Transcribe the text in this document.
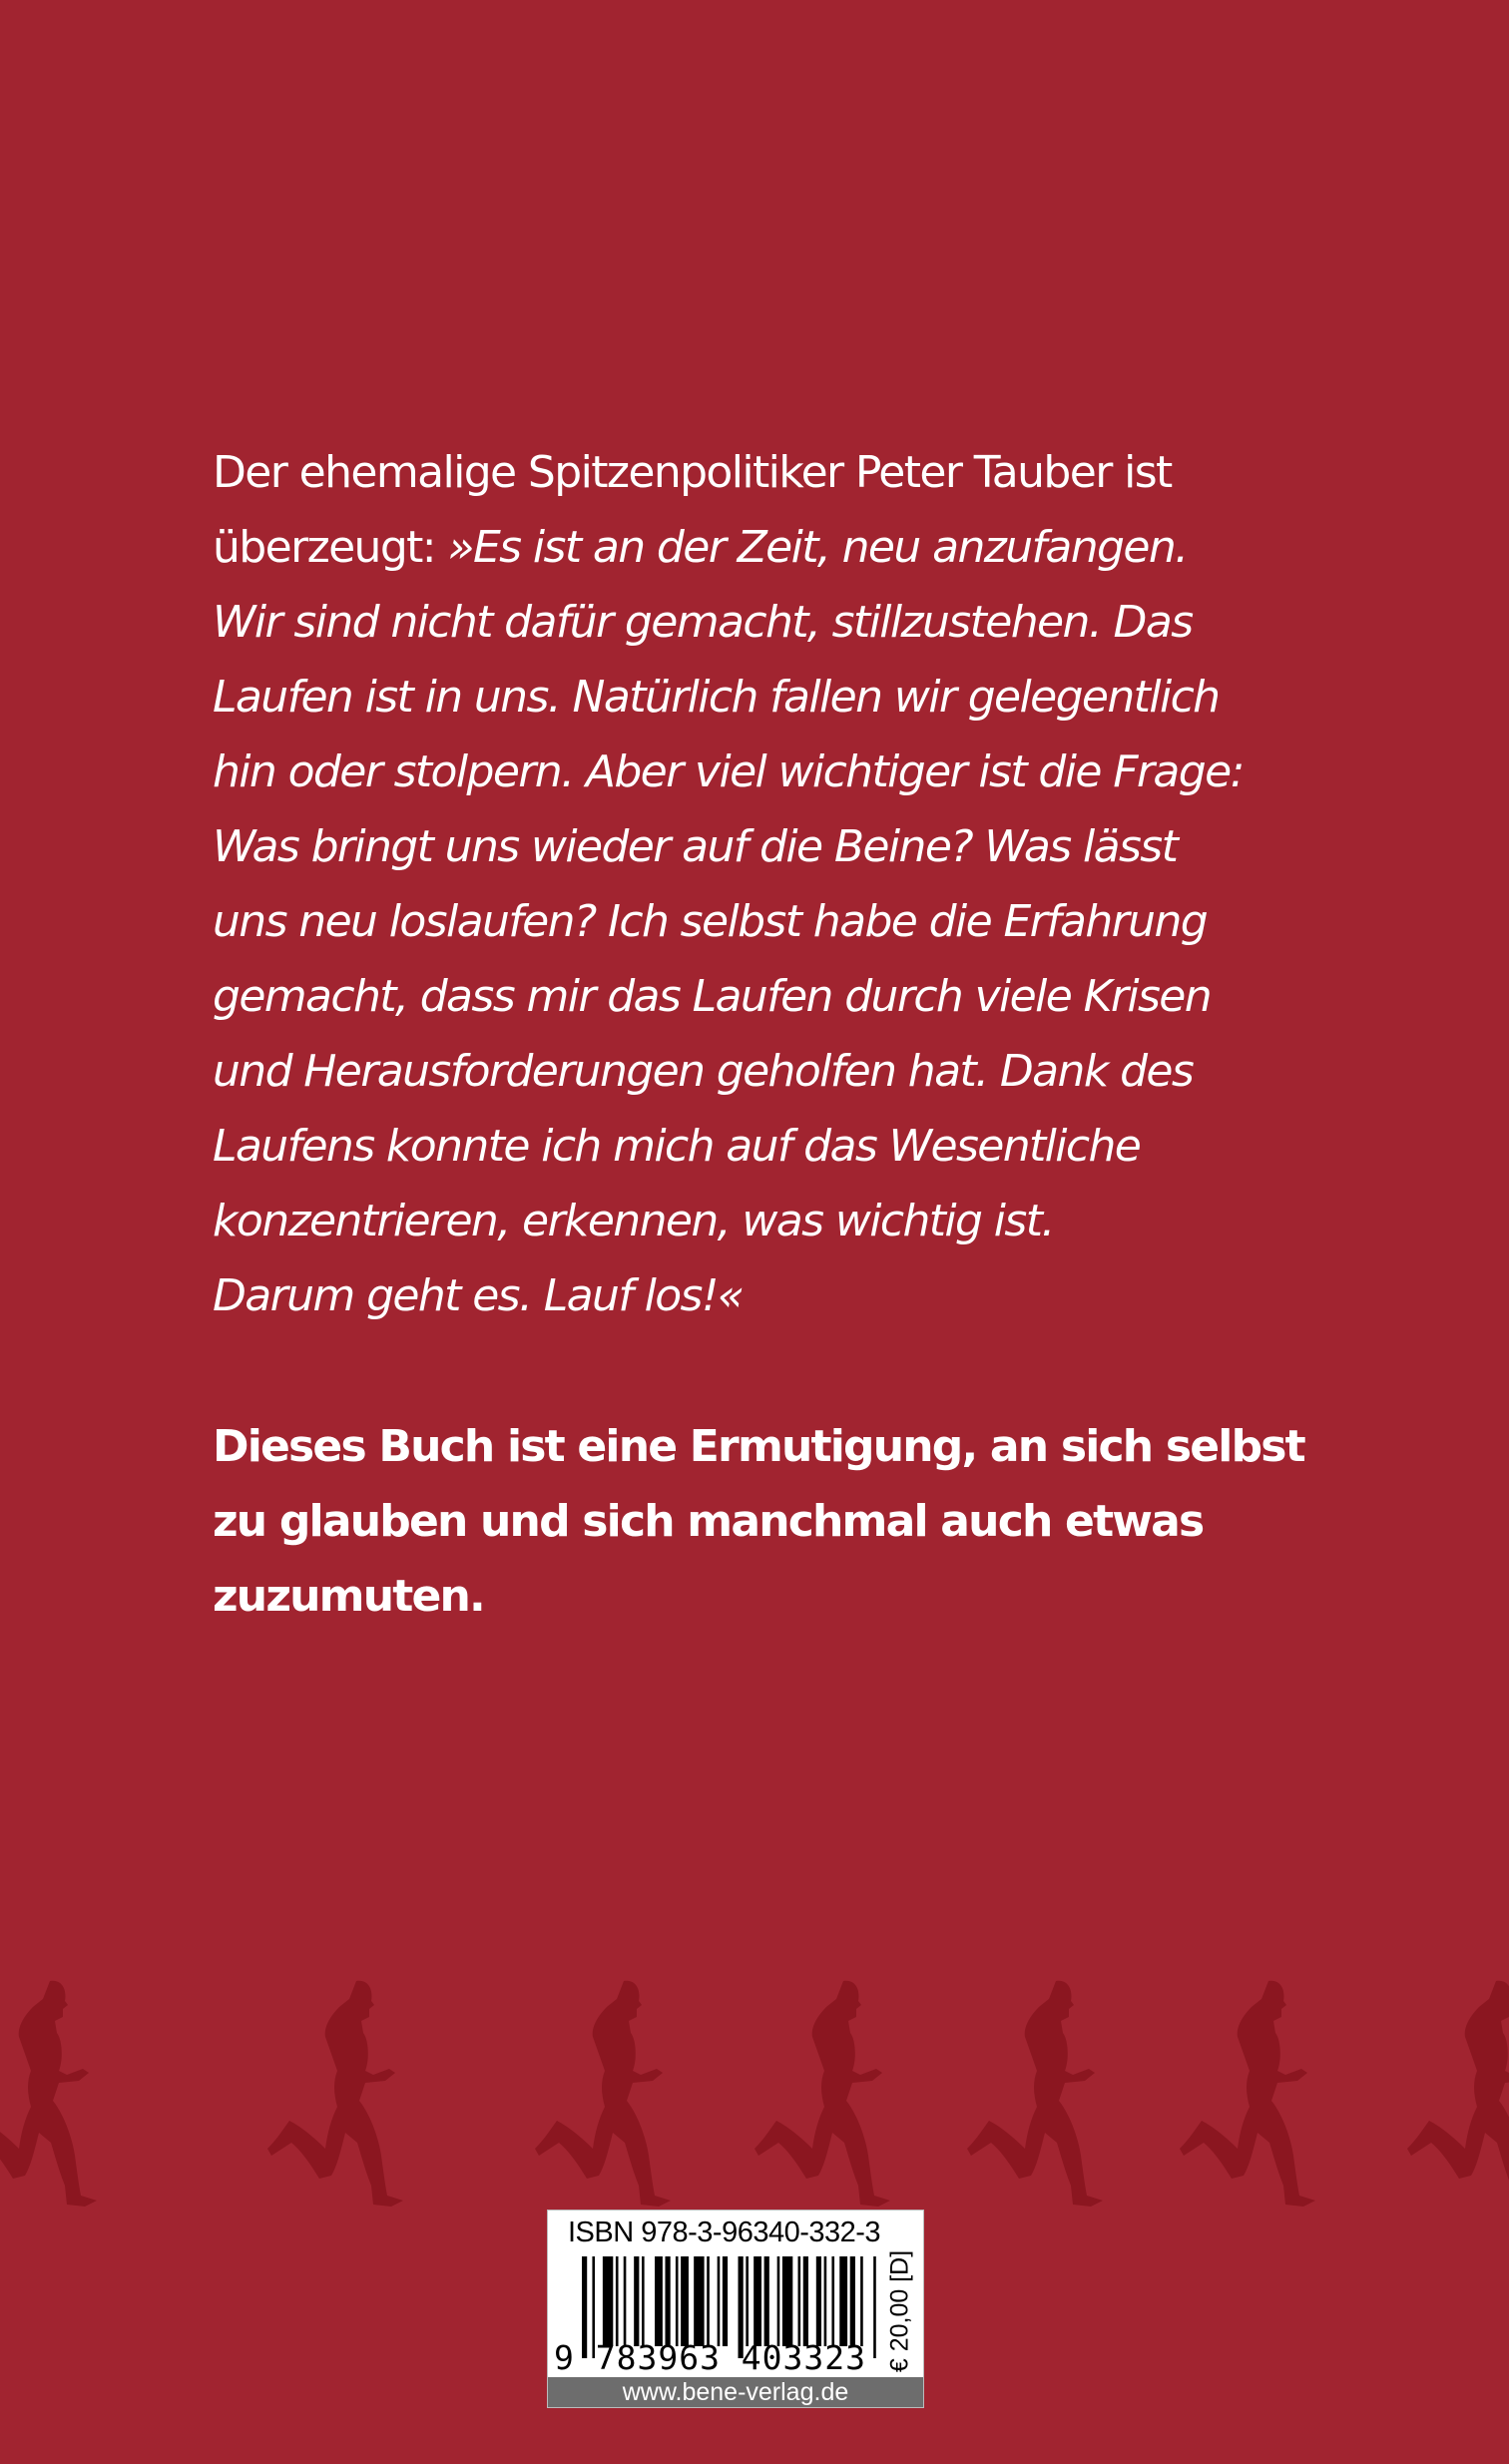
Der ehemalige Spitzenpolitiker Peter Tauber ist
überzeugt: »Es ist an der Zeit, neu anzufangen.
Wir sind nicht dafür gemacht, stillzustehen. Das
Laufen ist in uns. Natürlich fallen wir gelegentlich
hin oder stolpern. Aber viel wichtiger ist die Frage:
Was bringt uns wieder auf die Beine? Was lässt
uns neu loslaufen? Ich selbst habe die Erfahrung
gemacht, dass mir das Laufen durch viele Krisen
und Herausforderungen geholfen hat. Dank des
Laufens konnte ich mich auf das Wesentliche
konzentrieren, erkennen, was wichtig ist.
Darum geht es. Lauf los!«
Dieses Buch ist eine Ermutigung, an sich selbst
zu glauben und sich manchmal auch etwas
zuzumuten.
ISBN 978-3-96340-332-3
9 783963 403323 € 20,00 [D]
www.bene-verlag.de
